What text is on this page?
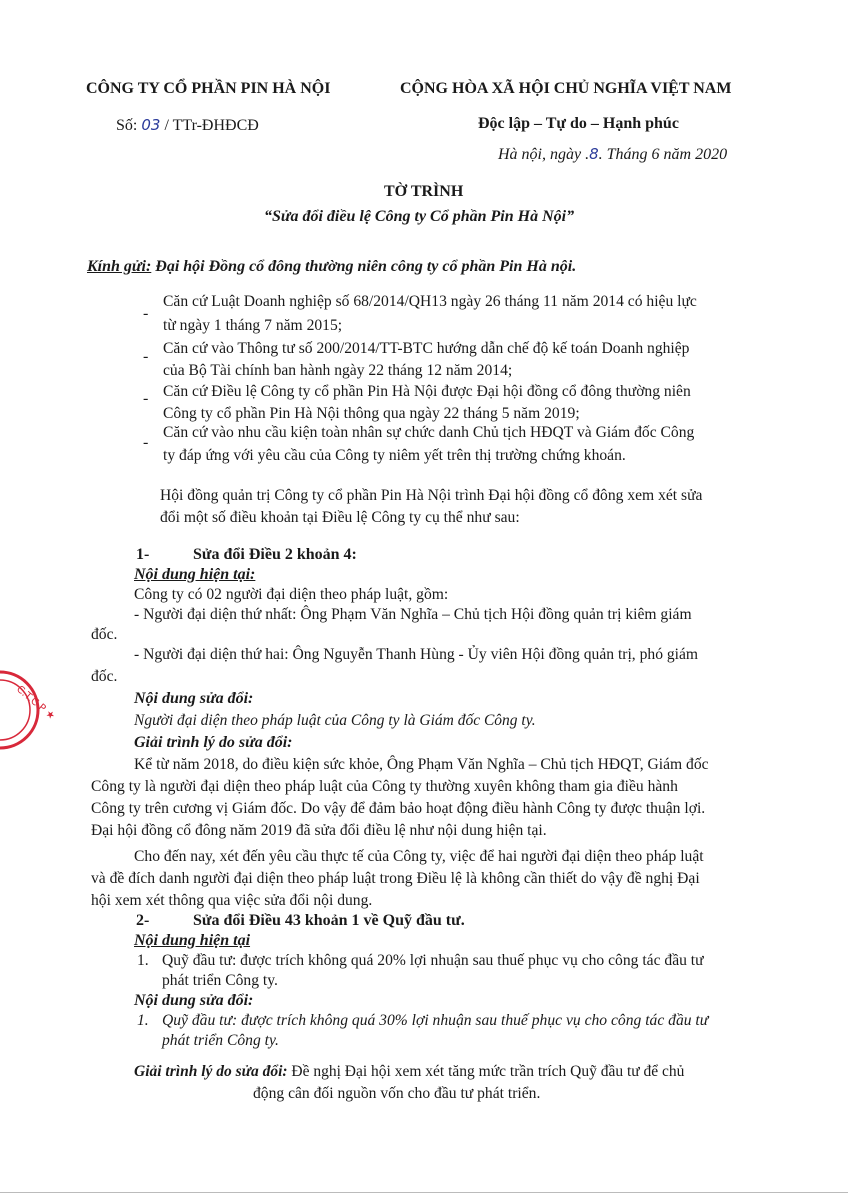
CÔNG TY CỔ PHẦN PIN HÀ NỘI
Số: 03 / TTr-ĐHĐCĐ
CỘNG HÒA XÃ HỘI CHỦ NGHĨA VIỆT NAM
Độc lập – Tự do – Hạnh phúc
Hà nội, ngày .8. Tháng 6 năm 2020
TỜ TRÌNH
“Sửa đổi điều lệ Công ty Cổ phần Pin Hà Nội”
Kính gửi: Đại hội Đồng cổ đông thường niên công ty cổ phần Pin Hà nội.
-
Căn cứ Luật Doanh nghiệp số 68/2014/QH13 ngày 26 tháng 11 năm 2014 có hiệu lực
từ ngày 1 tháng 7 năm 2015;
- Căn cứ vào Thông tư số 200/2014/TT-BTC hướng dẫn chế độ kế toán Doanh nghiệp
của Bộ Tài chính ban hành ngày 22 tháng 12 năm 2014;
- Căn cứ Điều lệ Công ty cổ phần Pin Hà Nội được Đại hội đồng cổ đông thường niên
Công ty cổ phần Pin Hà Nội thông qua ngày 22 tháng 5 năm 2019;
-
Căn cứ vào nhu cầu kiện toàn nhân sự chức danh Chủ tịch HĐQT và Giám đốc Công
ty đáp ứng với yêu cầu của Công ty niêm yết trên thị trường chứng khoán.
Hội đồng quản trị Công ty cổ phần Pin Hà Nội trình Đại hội đồng cổ đông xem xét sửa
đổi một số điều khoản tại Điều lệ Công ty cụ thể như sau:
1-	Sửa đổi Điều 2 khoản 4:
Nội dung hiện tại:
Công ty có 02 người đại diện theo pháp luật, gồm:
- Người đại diện thứ nhất: Ông Phạm Văn Nghĩa – Chủ tịch Hội đồng quản trị kiêm giám
đốc.
- Người đại diện thứ hai: Ông Nguyễn Thanh Hùng - Ủy viên Hội đồng quản trị, phó giám
đốc.
Nội dung sửa đổi:
Người đại diện theo pháp luật của Công ty là Giám đốc Công ty.
Giải trình lý do sửa đổi:
Kể từ năm 2018, do điều kiện sức khỏe, Ông Phạm Văn Nghĩa – Chủ tịch HĐQT, Giám đốc
Công ty là người đại diện theo pháp luật của Công ty thường xuyên không tham gia điều hành
Công ty trên cương vị Giám đốc. Do vậy để đảm bảo hoạt động điều hành Công ty được thuận lợi.
Đại hội đồng cổ đông năm 2019 đã sửa đổi điều lệ như nội dung hiện tại.
Cho đến nay, xét đến yêu cầu thực tế của Công ty, việc để hai người đại diện theo pháp luật
và đề đích danh người đại diện theo pháp luật trong Điều lệ là không cần thiết do vậy đề nghị Đại
hội xem xét thông qua việc sửa đổi nội dung.
2-	Sửa đổi Điều 43 khoản 1 về Quỹ đầu tư.
Nội dung hiện tại
1. Quỹ đầu tư: được trích không quá 20% lợi nhuận sau thuế phục vụ cho công tác đầu tư
phát triển Công ty.
Nội dung sửa đổi:
1. Quỹ đầu tư: được trích không quá 30% lợi nhuận sau thuế phục vụ cho công tác đầu tư
phát triển Công ty.
Giải trình lý do sửa đổi: Đề nghị Đại hội xem xét tăng mức trần trích Quỹ đầu tư để chủ
động cân đối nguồn vốn cho đầu tư phát triển.
C.T.C.P ★
